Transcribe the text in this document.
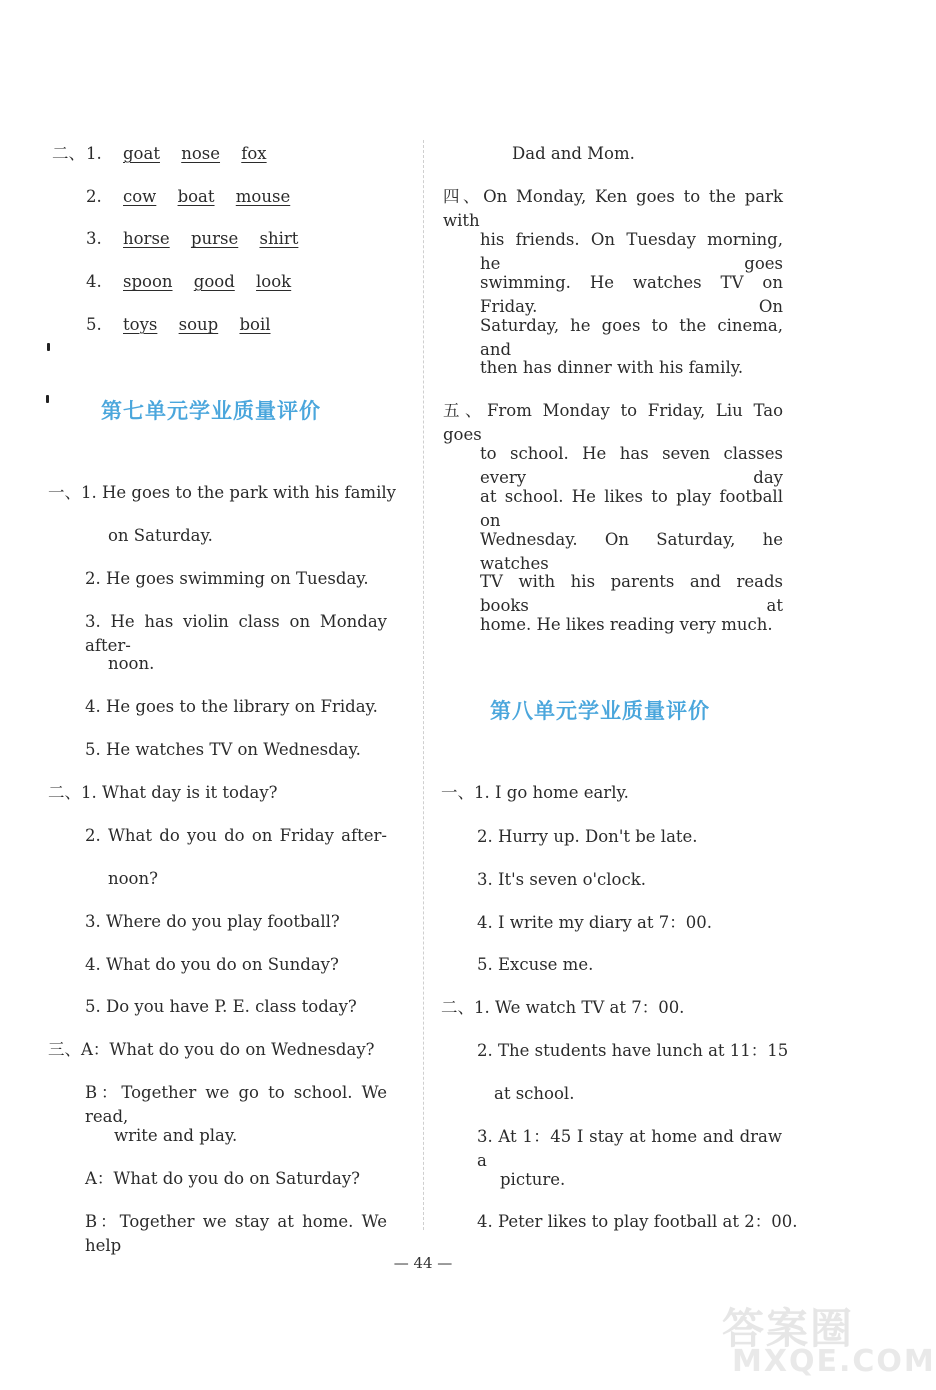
二、 1. goat nose fox
2. cow boat mouse
3. horse purse shirt
4. spoon good look
5. toys soup boil
第七单元学业质量评价
一、1. He goes to the park with his family
on Saturday.
2. He goes swimming on Tuesday.
3. He has violin class on Monday after-
noon.
4. He goes to the library on Friday.
5. He watches TV on Wednesday.
二、1. What day is it today?
2. What do you do on Friday after-
noon?
3. Where do you play football?
4. What do you do on Sunday?
5. Do you have P. E. class today?
三、A：What do you do on Wednesday?
B：Together we go to school. We read,
write and play.
A：What do you do on Saturday?
B：Together we stay at home. We help
Dad and Mom.
四、On Monday, Ken goes to the park with
his friends. On Tuesday morning, he goes
swimming. He watches TV on Friday. On
Saturday, he goes to the cinema, and
then has dinner with his family.
五、From Monday to Friday, Liu Tao goes
to school. He has seven classes every day
at school. He likes to play football on
Wednesday. On Saturday, he watches
TV with his parents and reads books at
home. He likes reading very much.
第八单元学业质量评价
一、1. I go home early.
2. Hurry up. Don't be late.
3. It's seven o'clock.
4. I write my diary at 7：00.
5. Excuse me.
二、1. We watch TV at 7：00.
2. The students have lunch at 11：15
at school.
3. At 1：45 I stay at home and draw a
picture.
4. Peter likes to play football at 2：00.
— 44 —
答案圈
MXQE.COM
